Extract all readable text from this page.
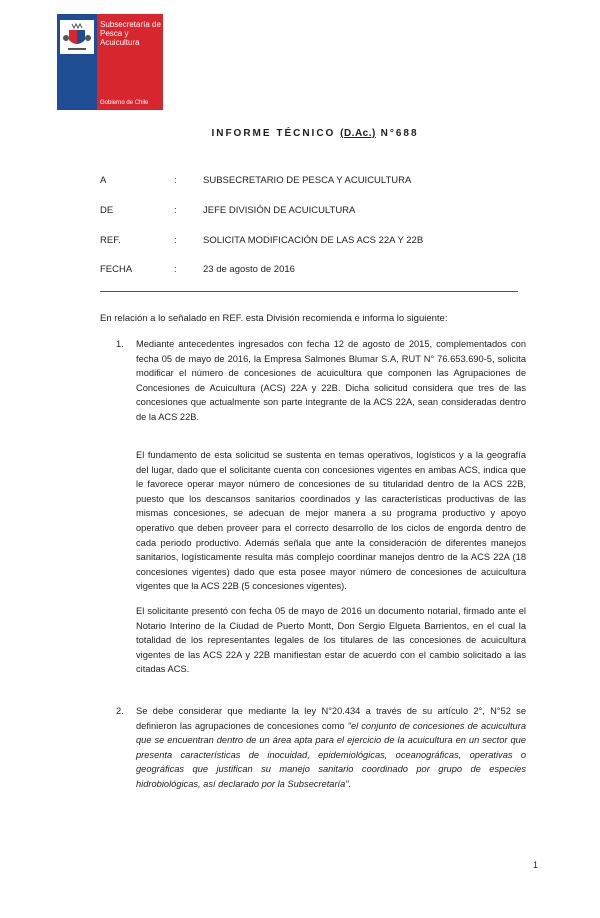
Subsecretaría de Pesca y Acuicultura
Gobierno de Chile
INFORME TÉCNICO (D.Ac.) N°688
A	:	SUBSECRETARIO DE PESCA Y ACUICULTURA
DE	:	JEFE DIVISIÓN DE ACUICULTURA
REF.	:	SOLICITA MODIFICACIÓN DE LAS ACS 22A Y 22B
FECHA	:	23 de agosto de 2016
En relación a lo señalado en REF. esta División recomienda e informa lo siguiente:
1. Mediante antecedentes ingresados con fecha 12 de agosto de 2015, complementados con fecha 05 de mayo de 2016, la Empresa Salmones Blumar S.A, RUT N° 76.653.690-5, solicita modificar el número de concesiones de acuicultura que componen las Agrupaciones de Concesiones de Acuicultura (ACS) 22A y 22B. Dicha solicitud considera que tres de las concesiones que actualmente son parte integrante de la ACS 22A, sean consideradas dentro de la ACS 22B.
El fundamento de esta solicitud se sustenta en temas operativos, logísticos y a la geografía del lugar, dado que el solicitante cuenta con concesiones vigentes en ambas ACS, indica que le favorece operar mayor número de concesiones de su titularidad dentro de la ACS 22B, puesto que los descansos sanitarios coordinados y las características productivas de las mismas concesiones, se adecuan de mejor manera a su programa productivo y apoyo operativo que deben proveer para el correcto desarrollo de los ciclos de engorda dentro de cada periodo productivo. Además señala que ante la consideración de diferentes manejos sanitarios, logísticamente resulta más complejo coordinar manejos dentro de la ACS 22A (18 concesiones vigentes) dado que esta posee mayor número de concesiones de acuicultura vigentes que la ACS 22B (5 concesiones vigentes).
El solicitante presentó con fecha 05 de mayo de 2016 un documento notarial, firmado ante el Notario Interino de la Ciudad de Puerto Montt, Don Sergio Elgueta Barrientos, en el cual la totalidad de los representantes legales de los titulares de las concesiones de acuicultura vigentes de las ACS 22A y 22B manifiestan estar de acuerdo con el cambio solicitado a las citadas ACS.
2. Se debe considerar que mediante la ley N°20.434 a través de su artículo 2°, N°52 se definieron las agrupaciones de concesiones como "el conjunto de concesiones de acuicultura que se encuentran dentro de un área apta para el ejercicio de la acuicultura en un sector que presenta características de inocuidad, epidemiológicas, oceanográficas, operativas o geográficas que justifican su manejo sanitario coordinado por grupo de especies hidrobiológicas, así declarado por la Subsecretaría".
1
